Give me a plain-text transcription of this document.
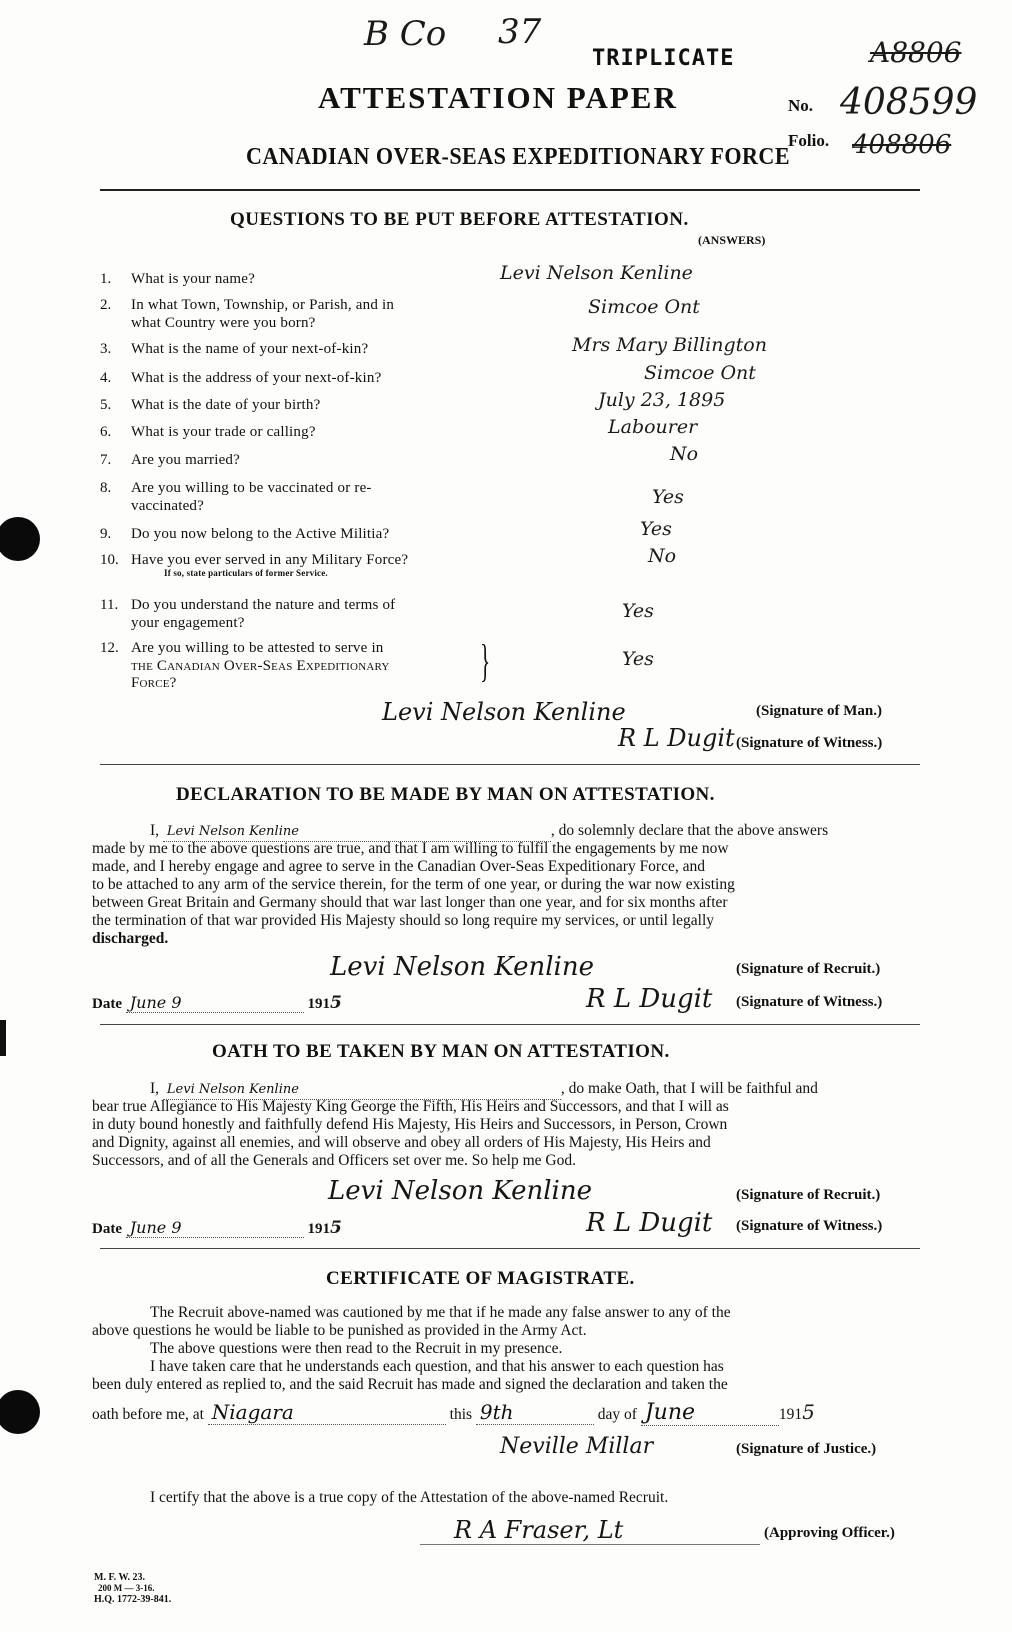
B Co 37
TRIPLICATE
ATTESTATION PAPER
CANADIAN OVER-SEAS EXPEDITIONARY FORCE
No.
Folio.
A8806
408599
408806
QUESTIONS TO BE PUT BEFORE ATTESTATION.
(ANSWERS)
1.	What is your name?	Levi Nelson Kenline
2.	In what Town, Township, or Parish, and in
what Country were you born?
Simcoe Ont
3.	What is the name of your next-of-kin?	Mrs Mary Billington
4.	What is the address of your next-of-kin?	Simcoe Ont
5.	What is the date of your birth?	July 23, 1895
6.	What is your trade or calling?	Labourer
7.	Are you married?	No
8.	Are you willing to be vaccinated or re-
vaccinated?	Yes
9.	Do you now belong to the Active Militia?	Yes
10. Have you ever served in any Military Force?
If so, state particulars of former Service.
No
11. Do you understand the nature and terms of
your engagement?
Yes
12. Are you willing to be attested to serve in
the Canadian Over-Seas Expeditionary
Force?	}	Yes
Levi Nelson Kenline	(Signature of Man.)
R L Dugit (Signature of Witness.)
DECLARATION TO BE MADE BY MAN ON ATTESTATION.
I, Levi Nelson Kenline	, do solemnly declare that the above answers
made by me to the above questions are true, and that I am willing to fulfil the engagements by me now
made, and I hereby engage and agree to serve in the Canadian Over-Seas Expeditionary Force, and
to be attached to any arm of the service therein, for the term of one year, or during the war now existing
between Great Britain and Germany should that war last longer than one year, and for six months after
the termination of that war provided His Majesty should so long require my services, or until legally
discharged.
Levi Nelson Kenline	(Signature of Recruit.)
Date June 9	1915	R L Dugit (Signature of Witness.)
OATH TO BE TAKEN BY MAN ON ATTESTATION.
I, Levi Nelson Kenline	, do make Oath, that I will be faithful and
bear true Allegiance to His Majesty King George the Fifth, His Heirs and Successors, and that I will as
in duty bound honestly and faithfully defend His Majesty, His Heirs and Successors, in Person, Crown
and Dignity, against all enemies, and will observe and obey all orders of His Majesty, His Heirs and
Successors, and of all the Generals and Officers set over me. So help me God.
Levi Nelson Kenline	(Signature of Recruit.)
Date June 9	1915	R L Dugit (Signature of Witness.)
CERTIFICATE OF MAGISTRATE.
The Recruit above-named was cautioned by me that if he made any false answer to any of the
above questions he would be liable to be punished as provided in the Army Act.
The above questions were then read to the Recruit in my presence.
I have taken care that he understands each question, and that his answer to each question has
been duly entered as replied to, and the said Recruit has made and signed the declaration and taken the
oath before me, at Niagara	this 9th	day of June	1915
Neville Millar	(Signature of Justice.)
I certify that the above is a true copy of the Attestation of the above-named Recruit.
R A Fraser, Lt	(Approving Officer.)
M. F. W. 23.
200 M — 3-16.
H.Q. 1772-39-841.
